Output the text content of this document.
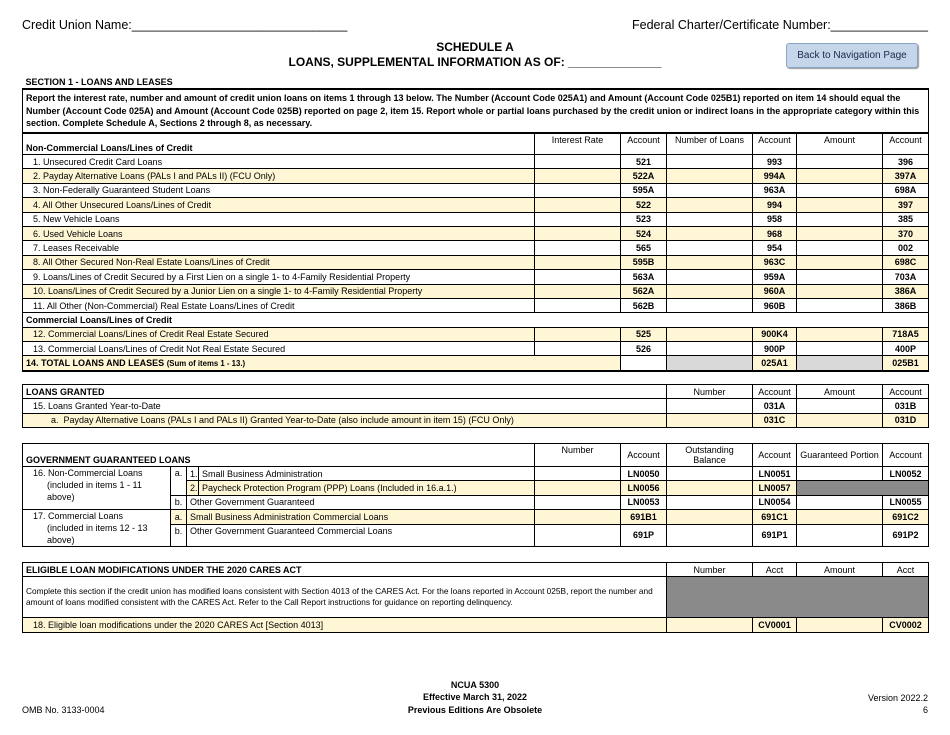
Credit Union Name:_______________________________	Federal Charter/Certificate Number:______________
SCHEDULE A
LOANS, SUPPLEMENTAL INFORMATION AS OF: ______________	Back to Navigation Page
SECTION 1 - LOANS AND LEASES
Report the interest rate, number and amount of credit union loans on items 1 through 13 below. The Number (Account Code 025A1) and Amount (Account Code 025B1) reported on item 14 should equal the Number (Account Code 025A) and Amount (Account Code 025B) reported on page 2, item 15. Report whole or partial loans purchased by the credit union or indirect loans in the appropriate category within this section. Complete Schedule A, Sections 2 through 8, as necessary.
Non-Commercial Loans/Lines of Credit	Interest Rate	Account	Number of Loans	Account	Amount	Account
1. Unsecured Credit Card Loans		521		993		396
2. Payday Alternative Loans (PALs I and PALs II) (FCU Only)		522A		994A		397A
3. Non-Federally Guaranteed Student Loans		595A		963A		698A
4. All Other Unsecured Loans/Lines of Credit		522		994		397
5. New Vehicle Loans		523		958		385
6. Used Vehicle Loans		524		968		370
7. Leases Receivable		565		954		002
8. All Other Secured Non-Real Estate Loans/Lines of Credit		595B		963C		698C
9. Loans/Lines of Credit Secured by a First Lien on a single 1- to 4-Family Residential Property		563A		959A		703A
10. Loans/Lines of Credit Secured by a Junior Lien on a single 1- to 4-Family Residential Property		562A		960A		386A
11. All Other (Non-Commercial) Real Estate Loans/Lines of Credit		562B		960B		386B
Commercial Loans/Lines of Credit						
12. Commercial Loans/Lines of Credit Real Estate Secured		525		900K4		718A5
13. Commercial Loans/Lines of Credit Not Real Estate Secured		526		900P		400P
14. TOTAL LOANS AND LEASES (Sum of items 1 - 13.)				025A1		025B1
LOANS GRANTED	Number	Account	Amount	Account
15. Loans Granted Year-to-Date		031A		031B
a. Payday Alternative Loans (PALs I and PALs II) Granted Year-to-Date (also include amount in item 15) (FCU Only)		031C		031D
GOVERNMENT GUARANTEED LOANS				Number	Account	Outstanding Balance	Account	Guaranteed Portion	Account
16. Non-Commercial Loans
(included in items 1 - 11
above)	a.	1.	Small Business Administration		LN0050		LN0051		LN0052
		2.	Paycheck Protection Program (PPP) Loans (Included in 16.a.1.)		LN0056		LN0057		
	b.	Other Government Guaranteed			LN0053		LN0054		LN0055
17. Commercial Loans
(included in items 12 - 13
above)	a.	Small Business Administration Commercial Loans			691B1		691C1		691C2
	b.	Other Government Guaranteed Commercial Loans			691P		691P1		691P2
ELIGIBLE LOAN MODIFICATIONS UNDER THE 2020 CARES ACT	Number	Acct	Amount	Acct
Complete this section if the credit union has modified loans consistent with Section 4013 of the CARES Act. For the loans reported in Account 025B, report the number and amount of loans modified consistent with the CARES Act. Refer to the Call Report instructions for guidance on reporting delinquency.				
18. Eligible loan modifications under the 2020 CARES Act [Section 4013]		CV0001		CV0002
NCUA 5300
Effective March 31, 2022
Previous Editions Are Obsolete
OMB No. 3133-0004
Version 2022.2
6
